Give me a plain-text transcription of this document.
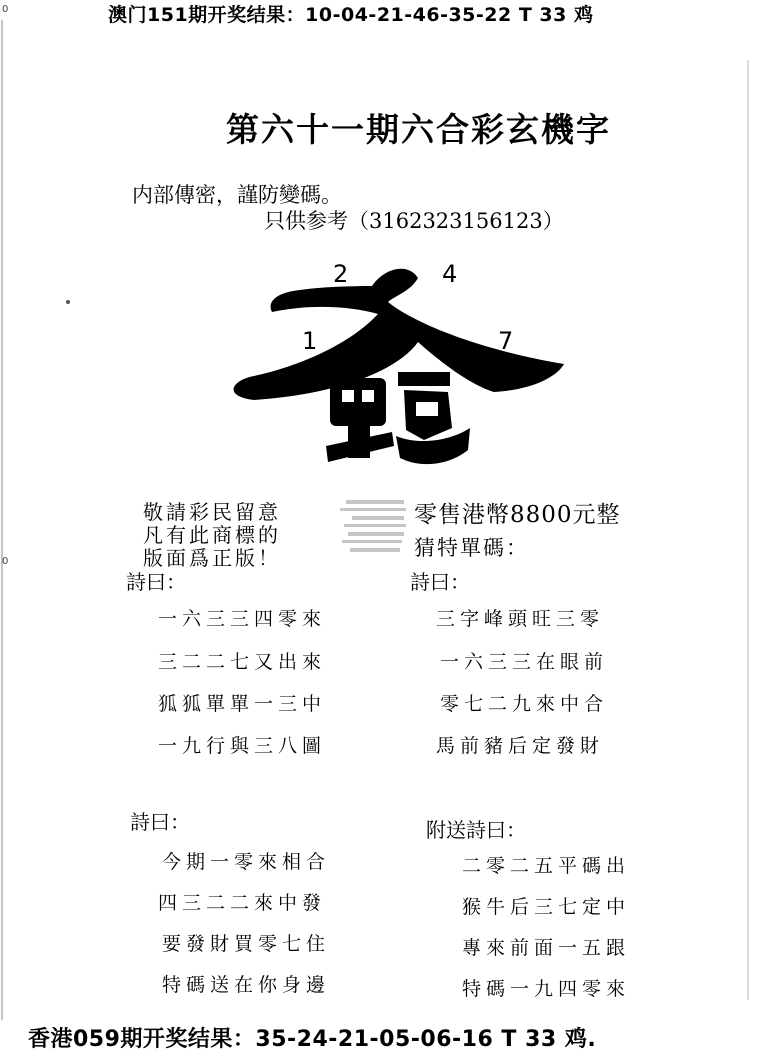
澳门151期开奖结果：10-04-21-46-35-22 T 33 鸡
0
0
第六十一期六合彩玄機字
内部傳密，謹防變碼。
只供参考（3162323156123）
2	4
1	7
敬請彩民留意
凡有此商標的
版面爲正版！
零售港幣8800元整
猜特單碼：
詩曰：
一六三三四零來
三二二七又出來
狐狐單單一三中
一九行與三八圖
詩曰：
三字峰頭旺三零
一六三三在眼前
零七二九來中合
馬前豬后定發財
詩曰：
今期一零來相合
四三二二來中發
要發財買零七住
特碼送在你身邊
附送詩曰：
二零二五平碼出
猴牛后三七定中
專來前面一五跟
特碼一九四零來
香港059期开奖结果：35-24-21-05-06-16 T 33 鸡.
